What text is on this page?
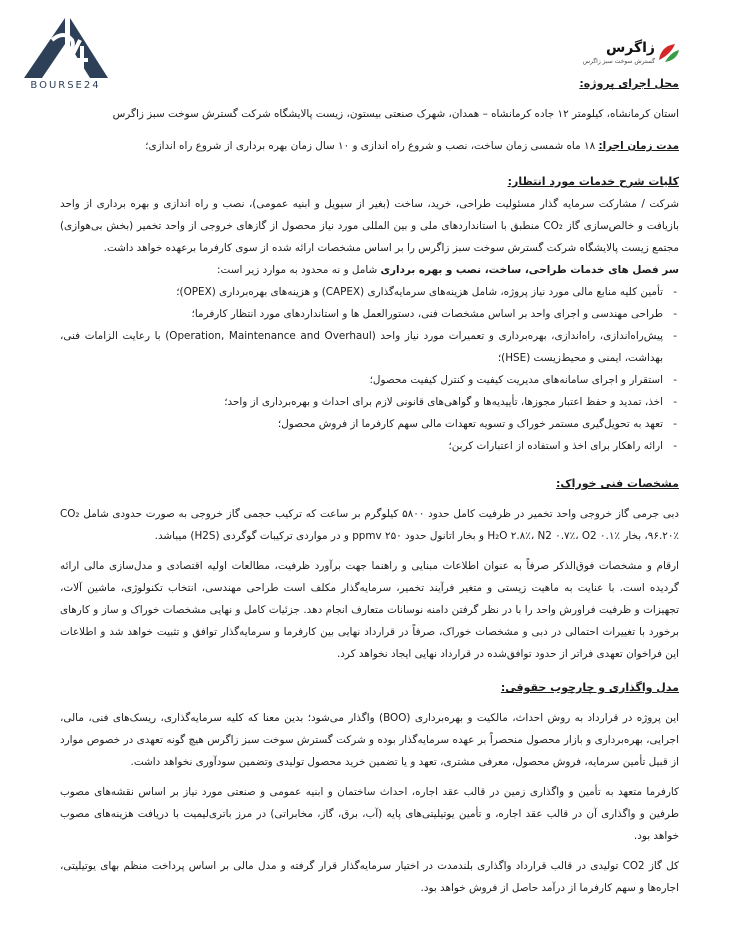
BOURSE24
زاگرس
گسترش سوخت سبز زاگرس
محل اجرای پروژه:

استان کرمانشاه، کیلومتر ۱۲ جاده کرمانشاه – همدان، شهرک صنعتی بیستون، زیست پالایشگاه شرکت گسترش سوخت سبز زاگرس

مدت زمان اجرا: ۱۸ ماه شمسی زمان ساخت، نصب و شروع راه اندازی و ۱۰ سال زمان بهره برداری از شروع راه اندازی؛

کلیات شرح خدمات مورد انتظار:

شرکت / مشارکت سرمایه گذار مسئولیت طراحی، خرید، ساخت (بغیر از سیویل و ابنیه عمومی)، نصب و راه اندازی و بهره برداری از واحد بازیافت و خالص‌سازی گاز CO₂ منطبق با استانداردهای ملی و بین المللی مورد نیاز محصول از گازهای خروجی از واحد تخمیر (بخش بی‌هوازی) مجتمع زیست پالایشگاه شرکت گسترش سوخت سبز زاگرس را بر اساس مشخصات ارائه شده از سوی کارفرما برعهده خواهد داشت.

سر فصل های خدمات طراحی، ساخت، نصب و بهره برداری شامل و نه محدود به موارد زیر است:

- تأمین کلیه منابع مالی مورد نیاز پروژه، شامل هزینه‌های سرمایه‌گذاری (CAPEX) و هزینه‌های بهره‌برداری (OPEX)؛
- طراحی مهندسی و اجرای واحد بر اساس مشخصات فنی، دستورالعمل ها و استانداردهای مورد انتظار کارفرما؛
- پیش‌راه‌اندازی، راه‌اندازی، بهره‌برداری و تعمیرات مورد نیاز واحد (Operation, Maintenance and Overhaul) با رعایت الزامات فنی، بهداشت، ایمنی و محیط‌زیست (HSE)؛
- استقرار و اجرای سامانه‌های مدیریت کیفیت و کنترل کیفیت محصول؛
- اخذ، تمدید و حفظ اعتبار مجوزها، تأییدیه‌ها و گواهی‌های قانونی لازم برای احداث و بهره‌برداری از واحد؛
- تعهد به تحویل‌گیری مستمر خوراک و تسویه تعهدات مالی سهم کارفرما از فروش محصول؛
- ارائه راهکار برای اخذ و استفاده از اعتبارات کربن؛
مشخصات فنی خوراک:

دبی جرمی گاز خروجی واحد تخمیر در ظرفیت کامل حدود ۵۸۰۰ کیلوگرم بر ساعت که ترکیب حجمی گاز خروجی به صورت حدودی شامل CO₂ ۹۶.۲۰٪، بخار H₂O ۲.۸٪، N2 ۰.۷٪، O2 ۰.۱٪ و بخار اتانول حدود ۲۵۰ ppmv و در مواردی ترکیبات گوگردی (H2S) میباشد.

ارقام و مشخصات فوق‌الذکر صرفاً به عنوان اطلاعات مبنایی و راهنما جهت برآورد ظرفیت، مطالعات اولیه اقتصادی و مدل‌سازی مالی ارائه گردیده است. با عنایت به ماهیت زیستی و متغیر فرآیند تخمیر، سرمایه‌گذار مکلف است طراحی مهندسی، انتخاب تکنولوژی، ماشین آلات، تجهیزات و ظرفیت فراورش واحد را با در نظر گرفتن دامنه نوسانات متعارف انجام دهد. جزئیات کامل و نهایی مشخصات خوراک و ساز و کارهای برخورد با تغییرات احتمالی در دبی و مشخصات خوراک، صرفاً در قرارداد نهایی بین کارفرما و سرمایه‌گذار توافق و تثبیت خواهد شد و اطلاعات این فراخوان تعهدی فراتر از حدود توافق‌شده در قرارداد نهایی ایجاد نخواهد کرد.

مدل واگذاری و چارچوب حقوقی:

این پروژه در قرارداد به روش احداث، مالکیت و بهره‌برداری (BOO) واگذار می‌شود؛ بدین معنا که کلیه سرمایه‌گذاری، ریسک‌های فنی، مالی، اجرایی، بهره‌برداری و بازار محصول منحصراً بر عهده سرمایه‌گذار بوده و شرکت گسترش سوخت سبز زاگرس هیچ گونه تعهدی در خصوص موارد از قبیل تأمین سرمایه، فروش محصول، معرفی مشتری، تعهد و یا تضمین خرید محصول تولیدی وتضمین سودآوری نخواهد داشت.

کارفرما متعهد به تأمین و واگذاری زمین در قالب عقد اجاره، احداث ساختمان و ابنیه عمومی و صنعتی مورد نیاز بر اساس نقشه‌های مصوب طرفین و واگذاری آن در قالب عقد اجاره، و تأمین یوتیلیتی‌های پایه (آب، برق، گاز، مخابراتی) در مرز باتری‌لیمیت با دریافت هزینه‌های مصوب خواهد بود.

کل گاز CO2 تولیدی در قالب قرارداد واگذاری بلندمدت در اختیار سرمایه‌گذار قرار گرفته و مدل مالی بر اساس پرداخت منظم بهای یوتیلیتی، اجاره‌ها و سهم کارفرما از درآمد حاصل از فروش خواهد بود.
